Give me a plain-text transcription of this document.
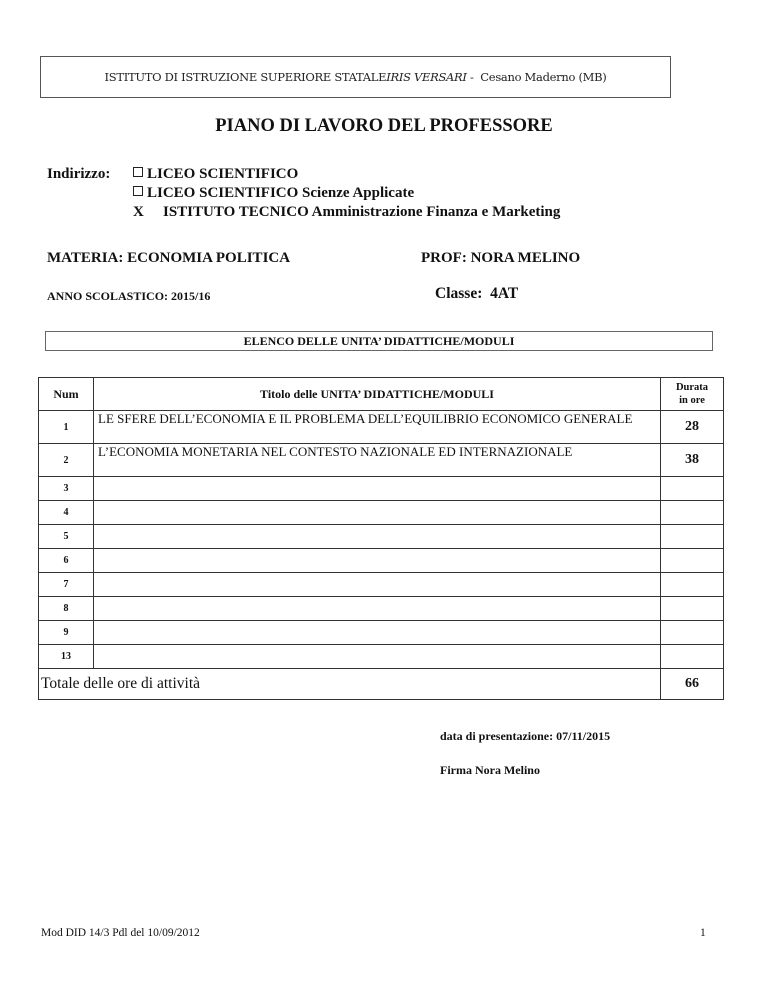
ISTITUTO DI ISTRUZIONE SUPERIORE STATALE IRIS VERSARI -  Cesano Maderno (MB)
PIANO DI LAVORO DEL PROFESSORE
Indirizzo:	LICEO SCIENTIFICO
LICEO SCIENTIFICO Scienze Applicate
X ISTITUTO TECNICO Amministrazione Finanza e Marketing
MATERIA: ECONOMIA POLITICA	PROF: NORA MELINO
ANNO SCOLASTICO: 2015/16	Classe:  4AT
ELENCO DELLE UNITA’ DIDATTICHE/MODULI
Num	Titolo delle UNITA’ DIDATTICHE/MODULI	Durata
in ore

1	LE SFERE DELL’ECONOMIA E IL PROBLEMA DELL’EQUILIBRIO ECONOMICO GENERALE	28
2	L’ECONOMIA MONETARIA NEL CONTESTO NAZIONALE ED INTERNAZIONALE	38
3		
4		
5		
6		
7		
8		
9		
13		
Totale delle ore di attività		66
data di presentazione: 07/11/2015
Firma Nora Melino
Mod DID 14/3 Pdl del 10/09/2012	1
